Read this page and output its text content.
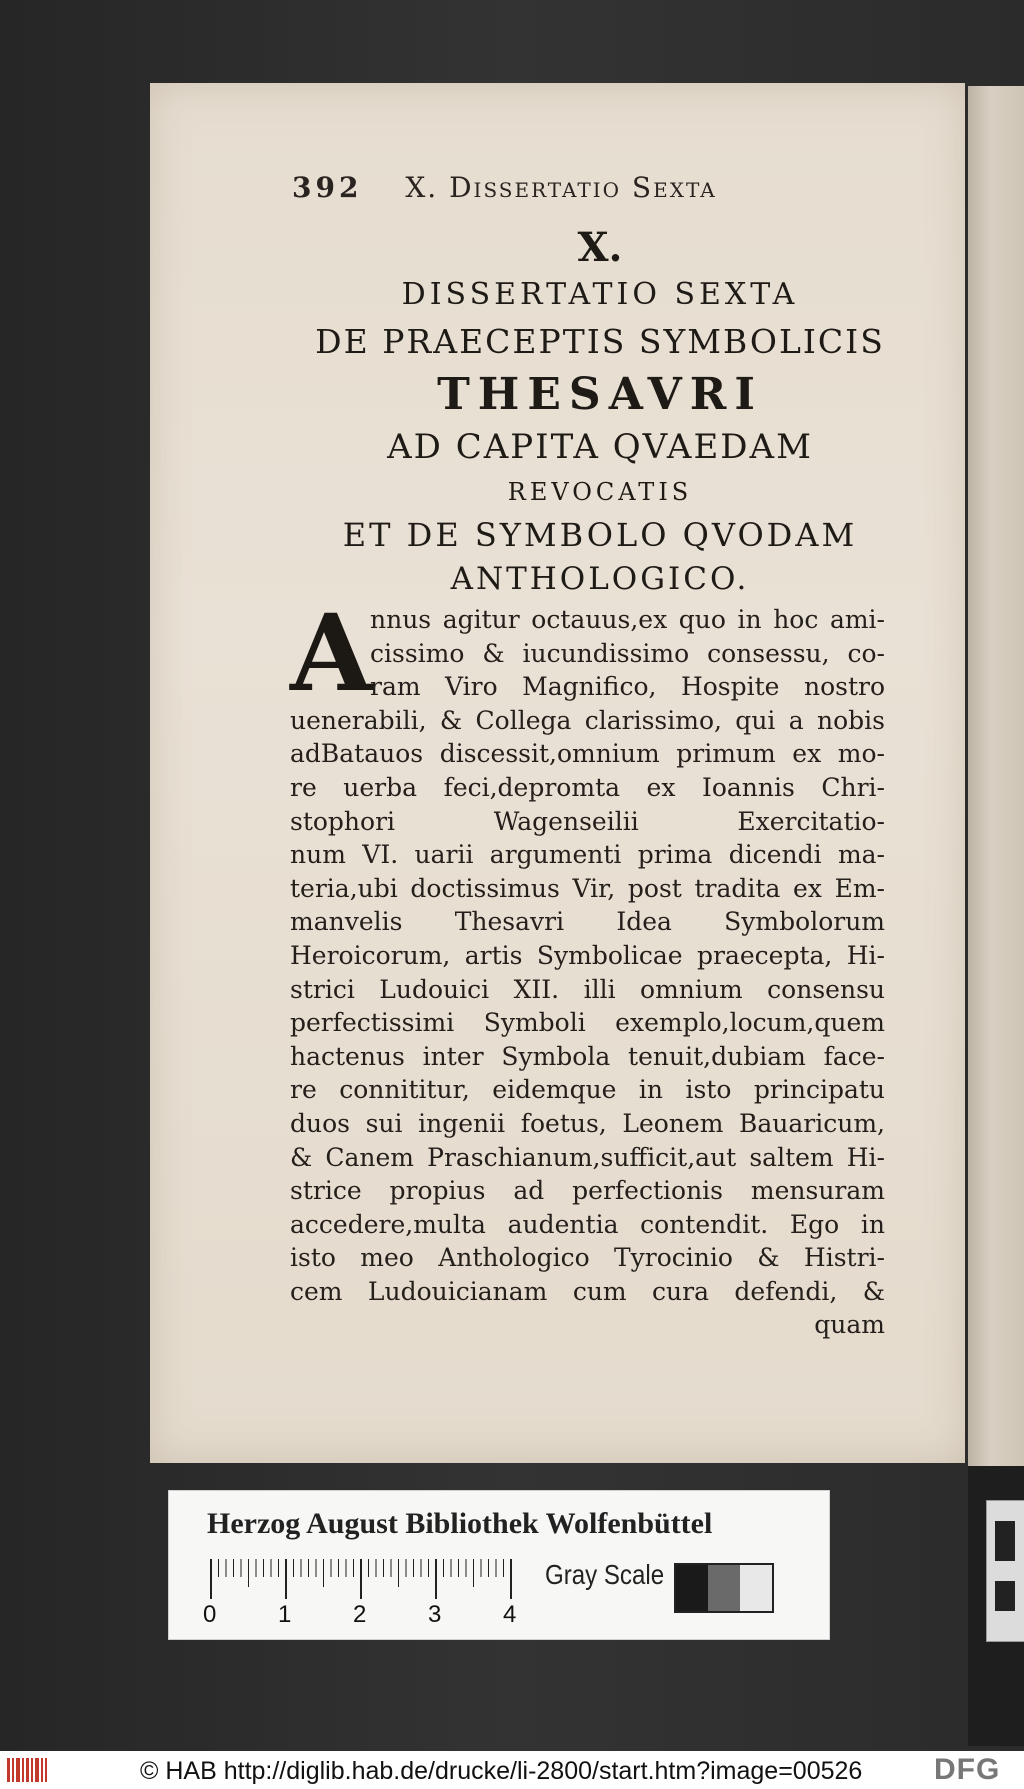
392 X. Dissertatio Sexta
X.
DISSERTATIO SEXTA
DE PRAECEPTIS SYMBOLICIS
THESAVRI
AD CAPITA QVAEDAM
REVOCATIS
ET DE SYMBOLO QVODAM
ANTHOLOGICO.
A
nnus agitur octauus,ex quo in hoc ami-
cissimo & iucundissimo consessu, co-
ram Viro Magnifico, Hospite nostro
uenerabili, & Collega clarissimo, qui a nobis
adBatauos discessit,omnium primum ex mo-
re uerba feci,depromta ex Ioannis Chri-
stophori Wagenseilii Exercitatio-
num VI. uarii argumenti prima dicendi ma-
teria,ubi doctissimus Vir, post tradita ex Em-
manvelis Thesavri Idea Symbolorum
Heroicorum, artis Symbolicae praecepta, Hi-
strici Ludouici XII. illi omnium consensu
perfectissimi Symboli exemplo,locum,quem
hactenus inter Symbola tenuit,dubiam face-
re connititur, eidemque in isto principatu
duos sui ingenii foetus, Leonem Bauaricum,
& Canem Praschianum,sufficit,aut saltem Hi-
strice propius ad perfectionis mensuram
accedere,multa audentia contendit. Ego in
isto meo Anthologico Tyrocinio & Histri-
cem Ludouicianam cum cura defendi, &
quam
Herzog August Bibliothek Wolfenbüttel
0	1	2	3	4
Gray Scale
© HAB http://diglib.hab.de/drucke/li-2800/start.htm?image=00526 DFG
